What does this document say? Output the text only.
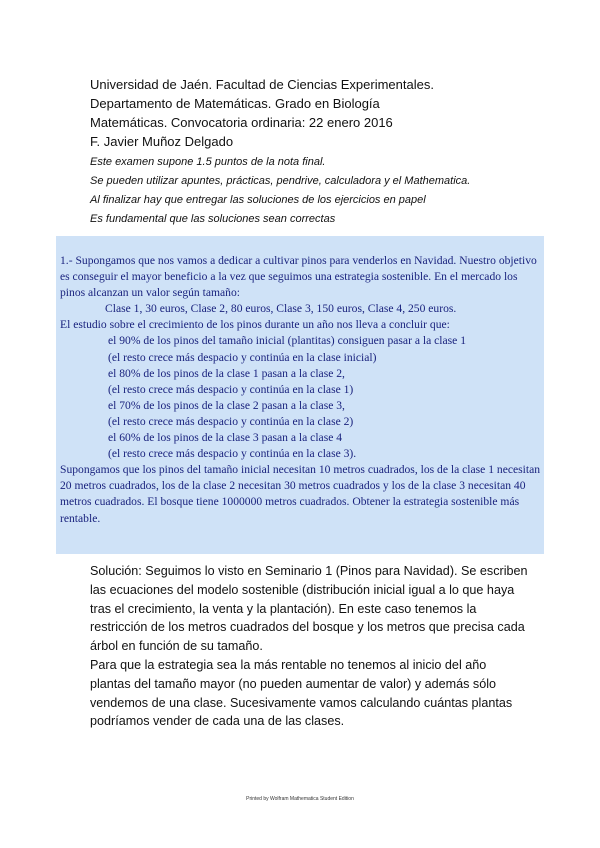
Universidad de Jaén. Facultad de Ciencias Experimentales.
Departamento de Matemáticas. Grado en Biología
Matemáticas. Convocatoria ordinaria: 22 enero 2016
F. Javier Muñoz Delgado
Este examen supone 1.5 puntos de la nota final.
Se pueden utilizar apuntes, prácticas, pendrive, calculadora y el Mathematica.
Al finalizar hay que entregar las soluciones de los ejercicios en papel
Es fundamental que las soluciones sean correctas
1.- Supongamos que nos vamos a dedicar a cultivar pinos para venderlos en Navidad. Nuestro objetivo es conseguir el mayor beneficio a la vez que seguimos una estrategia sostenible. En el mercado los pinos alcanzan un valor según tamaño:
Clase 1, 30 euros, Clase 2, 80 euros, Clase 3, 150 euros, Clase 4, 250 euros.
El estudio sobre el crecimiento de los pinos durante un año nos lleva a concluir que:
el 90% de los pinos del tamaño inicial (plantitas) consiguen pasar a la clase 1
(el resto crece más despacio y continúa en la clase inicial)
el 80% de los pinos de la clase 1 pasan a la clase 2,
(el resto crece más despacio y continúa en la clase 1)
el 70% de los pinos de la clase 2 pasan a la clase 3,
(el resto crece más despacio y continúa en la clase 2)
el 60% de los pinos de la clase 3 pasan a la clase 4
(el resto crece más despacio y continúa en la clase 3).
Supongamos que los pinos del tamaño inicial necesitan 10 metros cuadrados, los de la clase 1 necesitan 20 metros cuadrados, los de la clase 2 necesitan 30 metros cuadrados y los de la clase 3 necesitan 40 metros cuadrados. El bosque tiene 1000000 metros cuadrados. Obtener la estrategia sostenible más rentable.

Solución: Seguimos lo visto en Seminario 1 (Pinos para Navidad). Se escriben las ecuaciones del modelo sostenible (distribución inicial igual a lo que haya tras el crecimiento, la venta y la plantación). En este caso tenemos la restricción de los metros cuadrados del bosque y los metros que precisa cada árbol en función de su tamaño.

Para que la estrategia sea la más rentable no tenemos al inicio del año plantas del tamaño mayor (no pueden aumentar de valor) y además sólo vendemos de una clase. Sucesivamente vamos calculando cuántas plantas podríamos vender de cada una de las clases.

Printed by Wolfram Mathematica Student Edition
